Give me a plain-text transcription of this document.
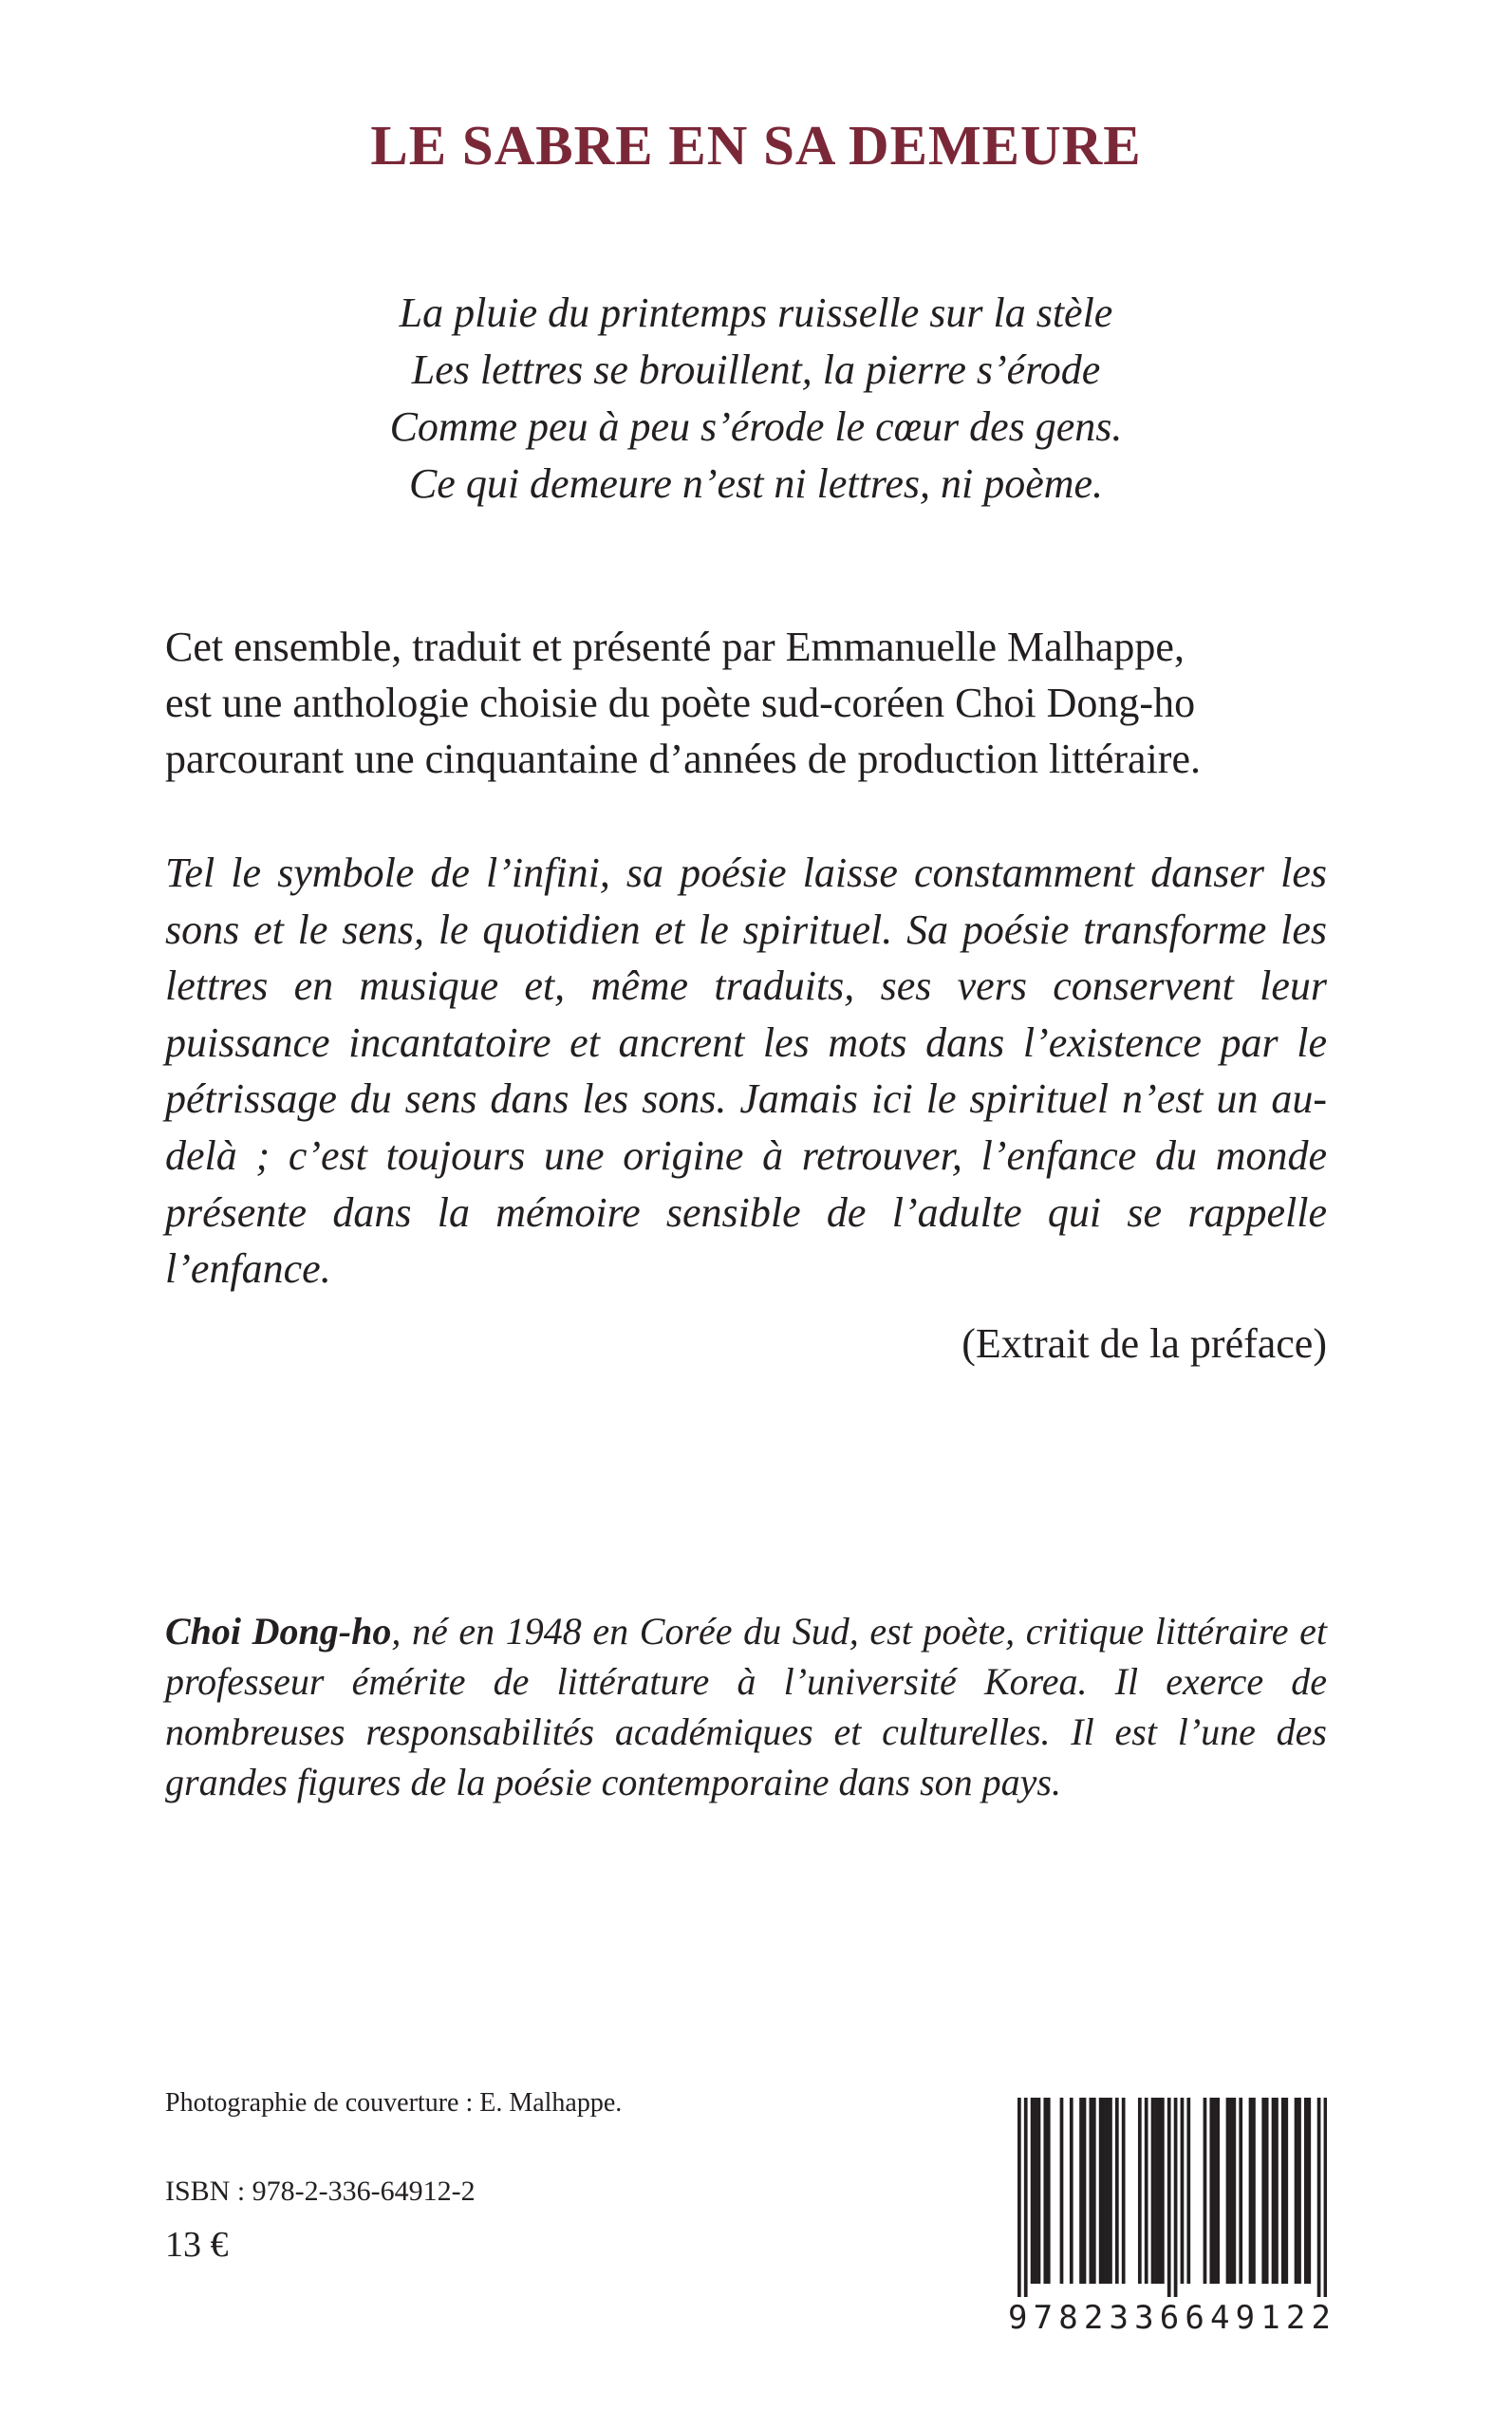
LE SABRE EN SA DEMEURE
La pluie du printemps ruisselle sur la stèle
Les lettres se brouillent, la pierre s’érode
Comme peu à peu s’érode le cœur des gens.
Ce qui demeure n’est ni lettres, ni poème.
Cet ensemble, traduit et présenté par Emmanuelle Malhappe,
est une anthologie choisie du poète sud-coréen Choi Dong-ho
parcourant une cinquantaine d’années de production littéraire.
Tel le symbole de l’infini, sa poésie laisse constamment danser les sons et le sens, le quotidien et le spirituel. Sa poésie transforme les lettres en musique et, même traduits, ses vers conservent leur puissance incantatoire et ancrent les mots dans l’existence par le pétrissage du sens dans les sons. Jamais ici le spirituel n’est un au-delà ; c’est toujours une origine à retrouver, l’enfance du monde présente dans la mémoire sensible de l’adulte qui se rappelle l’enfance.
(Extrait de la préface)
Choi Dong-ho, né en 1948 en Corée du Sud, est poète, critique littéraire et professeur émérite de littérature à l’université Korea. Il exerce de nombreuses responsabilités académiques et culturelles. Il est l’une des grandes figures de la poésie contemporaine dans son pays.
Photographie de couverture : E. Malhappe.
ISBN : 978-2-336-64912-2
13 €
9 7 8 2 3 3 6 6 4 9 1 2 2
